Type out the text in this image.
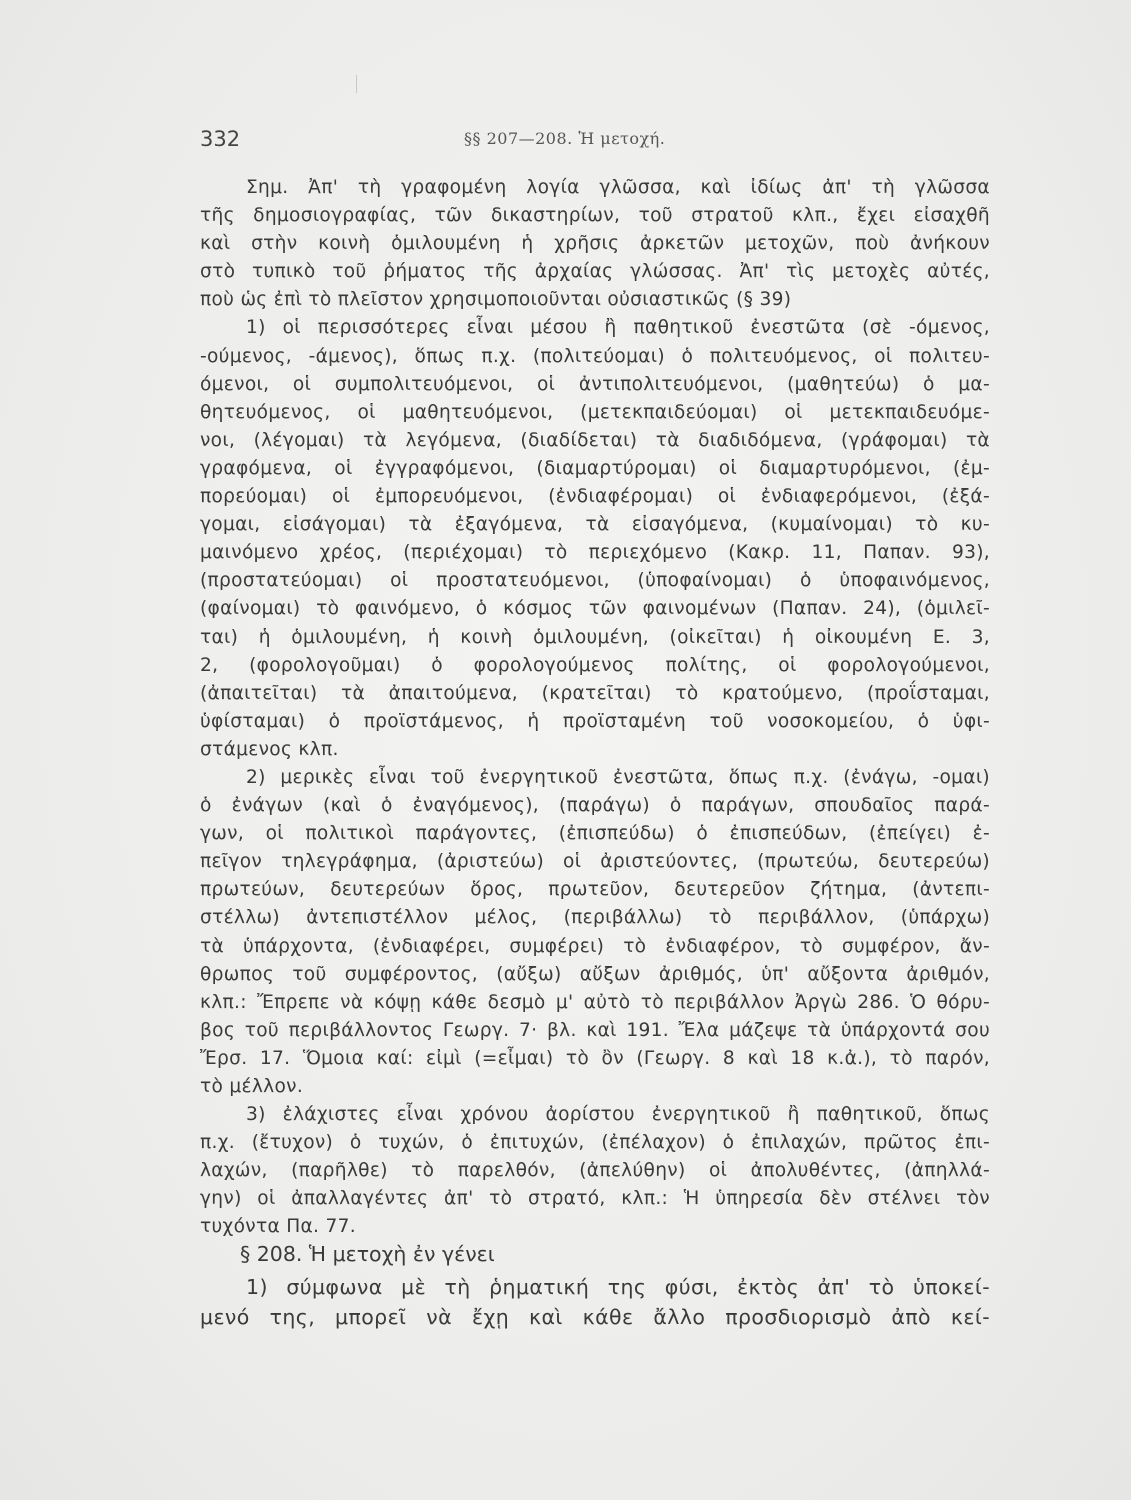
332	§§ 207—208. Ἡ μετοχή.
Σημ. Ἀπ' τὴ γραφομένη λογία γλῶσσα, καὶ ἰδίως ἀπ' τὴ γλῶσσα
τῆς δημοσιογραφίας, τῶν δικαστηρίων, τοῦ στρατοῦ κλπ., ἔχει εἰσαχθῆ
καὶ στὴν κοινὴ ὁμιλουμένη ἡ χρῆσις ἀρκετῶν μετοχῶν, ποὺ ἀνήκουν
στὸ τυπικὸ τοῦ ῥήματος τῆς ἀρχαίας γλώσσας. Ἀπ' τὶς μετοχὲς αὐτές,
ποὺ ὡς ἐπὶ τὸ πλεῖστον χρησιμοποιοῦνται οὐσιαστικῶς (§ 39)
1) οἱ περισσότερες εἶναι μέσου ἢ παθητικοῦ ἐνεστῶτα (σὲ -όμενος,
-ούμενος, -άμενος), ὅπως π.χ. (πολιτεύομαι) ὁ πολιτευόμενος, οἱ πολιτευ-
όμενοι, οἱ συμπολιτευόμενοι, οἱ ἀντιπολιτευόμενοι, (μαθητεύω) ὁ μα-
θητευόμενος, οἱ μαθητευόμενοι, (μετεκπαιδεύομαι) οἱ μετεκπαιδευόμε-
νοι, (λέγομαι) τὰ λεγόμενα, (διαδίδεται) τὰ διαδιδόμενα, (γράφομαι) τὰ
γραφόμενα, οἱ ἐγγραφόμενοι, (διαμαρτύρομαι) οἱ διαμαρτυρόμενοι, (ἐμ-
πορεύομαι) οἱ ἐμπορευόμενοι, (ἐνδιαφέρομαι) οἱ ἐνδιαφερόμενοι, (ἐξά-
γομαι, εἰσάγομαι) τὰ ἐξαγόμενα, τὰ εἰσαγόμενα, (κυμαίνομαι) τὸ κυ-
μαινόμενο χρέος, (περιέχομαι) τὸ περιεχόμενο (Κακρ. 11, Παπαν. 93),
(προστατεύομαι) οἱ προστατευόμενοι, (ὑποφαίνομαι) ὁ ὑποφαινόμενος,
(φαίνομαι) τὸ φαινόμενο, ὁ κόσμος τῶν φαινομένων (Παπαν. 24), (ὁμιλεῖ-
ται) ἡ ὁμιλουμένη, ἡ κοινὴ ὁμιλουμένη, (οἰκεῖται) ἡ οἰκουμένη Ε. 3,
2, (φορολογοῦμαι) ὁ φορολογούμενος πολίτης, οἱ φορολογούμενοι,
(ἀπαιτεῖται) τὰ ἀπαιτούμενα, (κρατεῖται) τὸ κρατούμενο, (προΐσταμαι,
ὑφίσταμαι) ὁ προϊστάμενος, ἡ προϊσταμένη τοῦ νοσοκομείου, ὁ ὑφι-
στάμενος κλπ.
2) μερικὲς εἶναι τοῦ ἐνεργητικοῦ ἐνεστῶτα, ὅπως π.χ. (ἐνάγω, -ομαι)
ὁ ἐνάγων (καὶ ὁ ἐναγόμενος), (παράγω) ὁ παράγων, σπουδαῖος παρά-
γων, οἱ πολιτικοὶ παράγοντες, (ἐπισπεύδω) ὁ ἐπισπεύδων, (ἐπείγει) ἐ-
πεῖγον τηλεγράφημα, (ἀριστεύω) οἱ ἀριστεύοντες, (πρωτεύω, δευτερεύω)
πρωτεύων, δευτερεύων ὅρος, πρωτεῦον, δευτερεῦον ζήτημα, (ἀντεπι-
στέλλω) ἀντεπιστέλλον μέλος, (περιβάλλω) τὸ περιβάλλον, (ὑπάρχω)
τὰ ὑπάρχοντα, (ἐνδιαφέρει, συμφέρει) τὸ ἐνδιαφέρον, τὸ συμφέρον, ἄν-
θρωπος τοῦ συμφέροντος, (αὔξω) αὔξων ἀριθμός, ὑπ' αὔξοντα ἀριθμόν,
κλπ.: Ἔπρεπε νὰ κόψῃ κάθε δεσμὸ μ' αὐτὸ τὸ περιβάλλον Ἀργὼ 286. Ὁ θόρυ-
βος τοῦ περιβάλλοντος Γεωργ. 7· βλ. καὶ 191. Ἔλα μάζεψε τὰ ὑπάρχοντά σου
Ἔρσ. 17. Ὅμοια καί: εἰμὶ (=εἶμαι) τὸ ὂν (Γεωργ. 8 καὶ 18 κ.ἀ.), τὸ παρόν,
τὸ μέλλον.
3) ἐλάχιστες εἶναι χρόνου ἀορίστου ἐνεργητικοῦ ἢ παθητικοῦ, ὅπως
π.χ. (ἔτυχον) ὁ τυχών, ὁ ἐπιτυχών, (ἐπέλαχον) ὁ ἐπιλαχών, πρῶτος ἐπι-
λαχών, (παρῆλθε) τὸ παρελθόν, (ἀπελύθην) οἱ ἀπολυθέντες, (ἀπηλλά-
γην) οἱ ἀπαλλαγέντες ἀπ' τὸ στρατό, κλπ.: Ἡ ὑπηρεσία δὲν στέλνει τὸν
τυχόντα Πα. 77.
§ 208. Ἡ μετοχὴ ἐν γένει
1) σύμφωνα μὲ τὴ ῥηματική της φύσι, ἐκτὸς ἀπ' τὸ ὑποκεί-
μενό της, μπορεῖ νὰ ἔχῃ καὶ κάθε ἄλλο προσδιορισμὸ ἀπὸ κεί-
